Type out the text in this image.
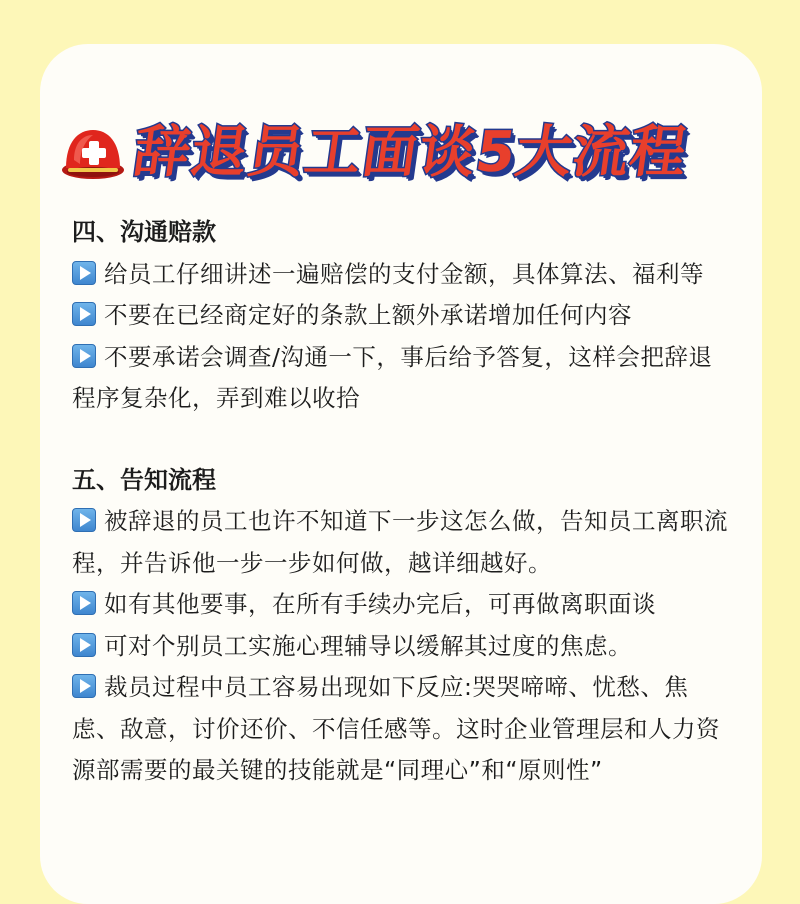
辞退员工面谈5大流程

四、沟通赔款

给员工仔细讲述一遍赔偿的支付金额，具体算法、福利等

不要在已经商定好的条款上额外承诺增加任何内容

不要承诺会调查/沟通一下，事后给予答复，这样会把辞退程序复杂化，弄到难以收拾

五、告知流程

被辞退的员工也许不知道下一步这怎么做，告知员工离职流程，并告诉他一步一步如何做，越详细越好。

如有其他要事，在所有手续办完后，可再做离职面谈

可对个别员工实施心理辅导以缓解其过度的焦虑。

裁员过程中员工容易出现如下反应:哭哭啼啼、忧愁、焦虑、敌意，讨价还价、不信任感等。这时企业管理层和人力资源部需要的最关键的技能就是“同理心”和“原则性”
